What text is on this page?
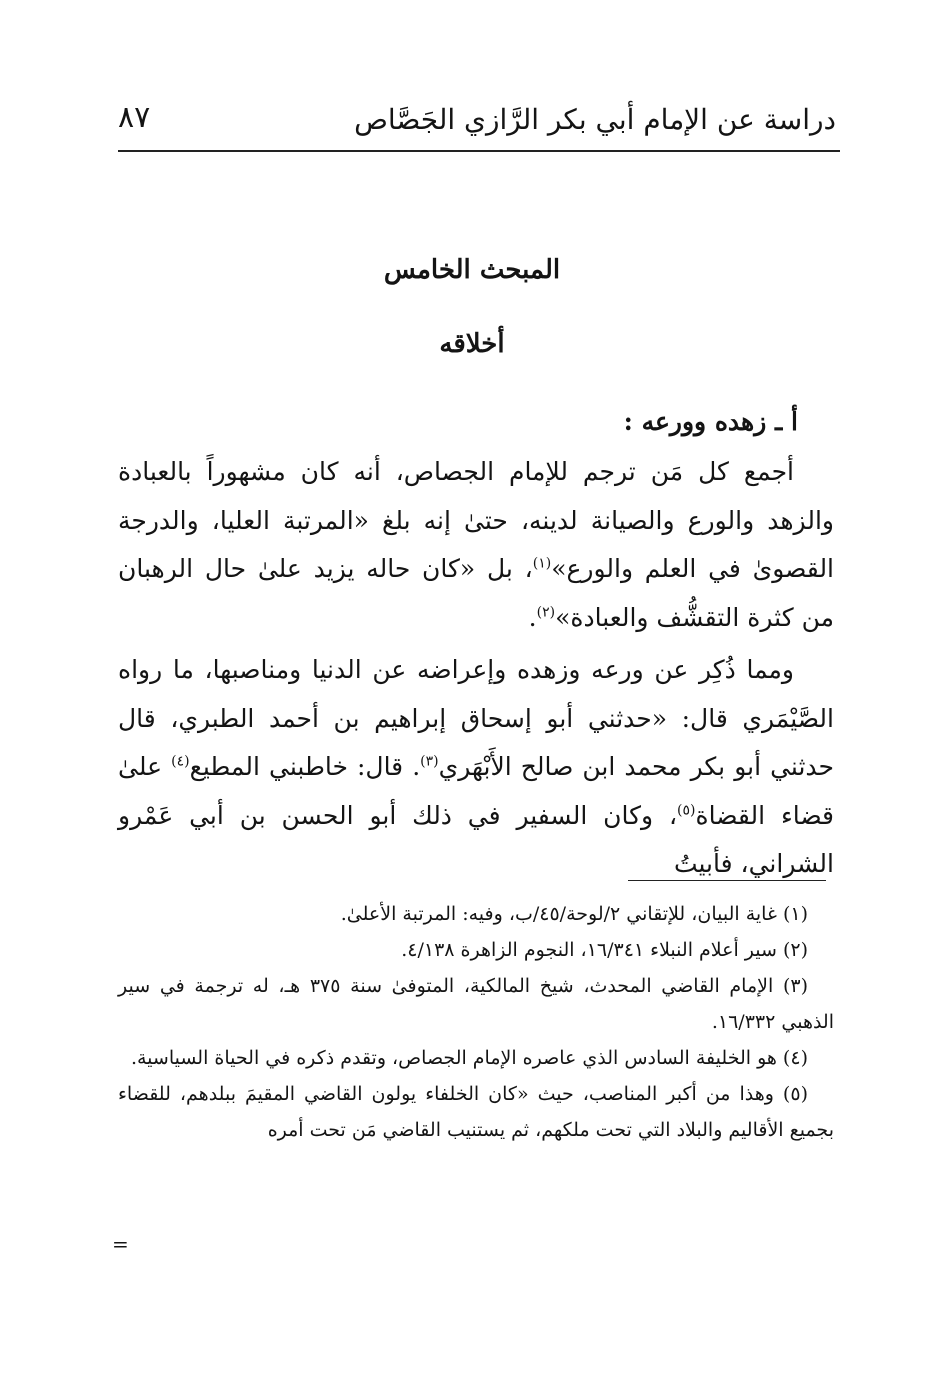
دراسة عن الإمام أبي بكر الرَّازي الجَصَّاص
٨٧
المبحث الخامس
أخلاقه
أ ـ زهده وورعه :

أجمع كل مَن ترجم للإمام الجصاص، أنه كان مشهوراً بالعبادة والزهد والورع والصيانة لدينه، حتىٰ إنه بلغ «المرتبة العليا، والدرجة القصوىٰ في العلم والورع»$^{(١)}$، بل «كان حاله يزيد علىٰ حال الرهبان من كثرة التقشُّف والعبادة»$^{(٢)}$.

ومما ذُكِر عن ورعه وزهده وإعراضه عن الدنيا ومناصبها، ما رواه الصَّيْمَري قال: «حدثني أبو إسحاق إبراهيم بن أحمد الطبري، قال حدثني أبو بكر محمد ابن صالح الأَبْهَري$^{(٣)}$. قال: خاطبني المطيع$^{(٤)}$ علىٰ قضاء القضاة$^{(٥)}$، وكان السفير في ذلك أبو الحسن بن أبي عَمْرو الشراني، فأبيتُ

(١) غاية البيان، للإتقاني ٢/لوحة/٤٥/ب، وفيه: المرتبة الأعلىٰ.

(٢) سير أعلام النبلاء ١٦/٣٤١، النجوم الزاهرة ٤/١٣٨.

(٣) الإمام القاضي المحدث، شيخ المالكية، المتوفىٰ سنة ٣٧٥ هـ، له ترجمة في سير الذهبي ١٦/٣٣٢.

(٤) هو الخليفة السادس الذي عاصره الإمام الجصاص، وتقدم ذكره في الحياة السياسية.

(٥) وهذا من أكبر المناصب، حيث «كان الخلفاء يولون القاضي المقيمَ ببلدهم، للقضاء بجميع الأقاليم والبلاد التي تحت ملكهم، ثم يستنيب القاضي مَن تحت أمره

=
